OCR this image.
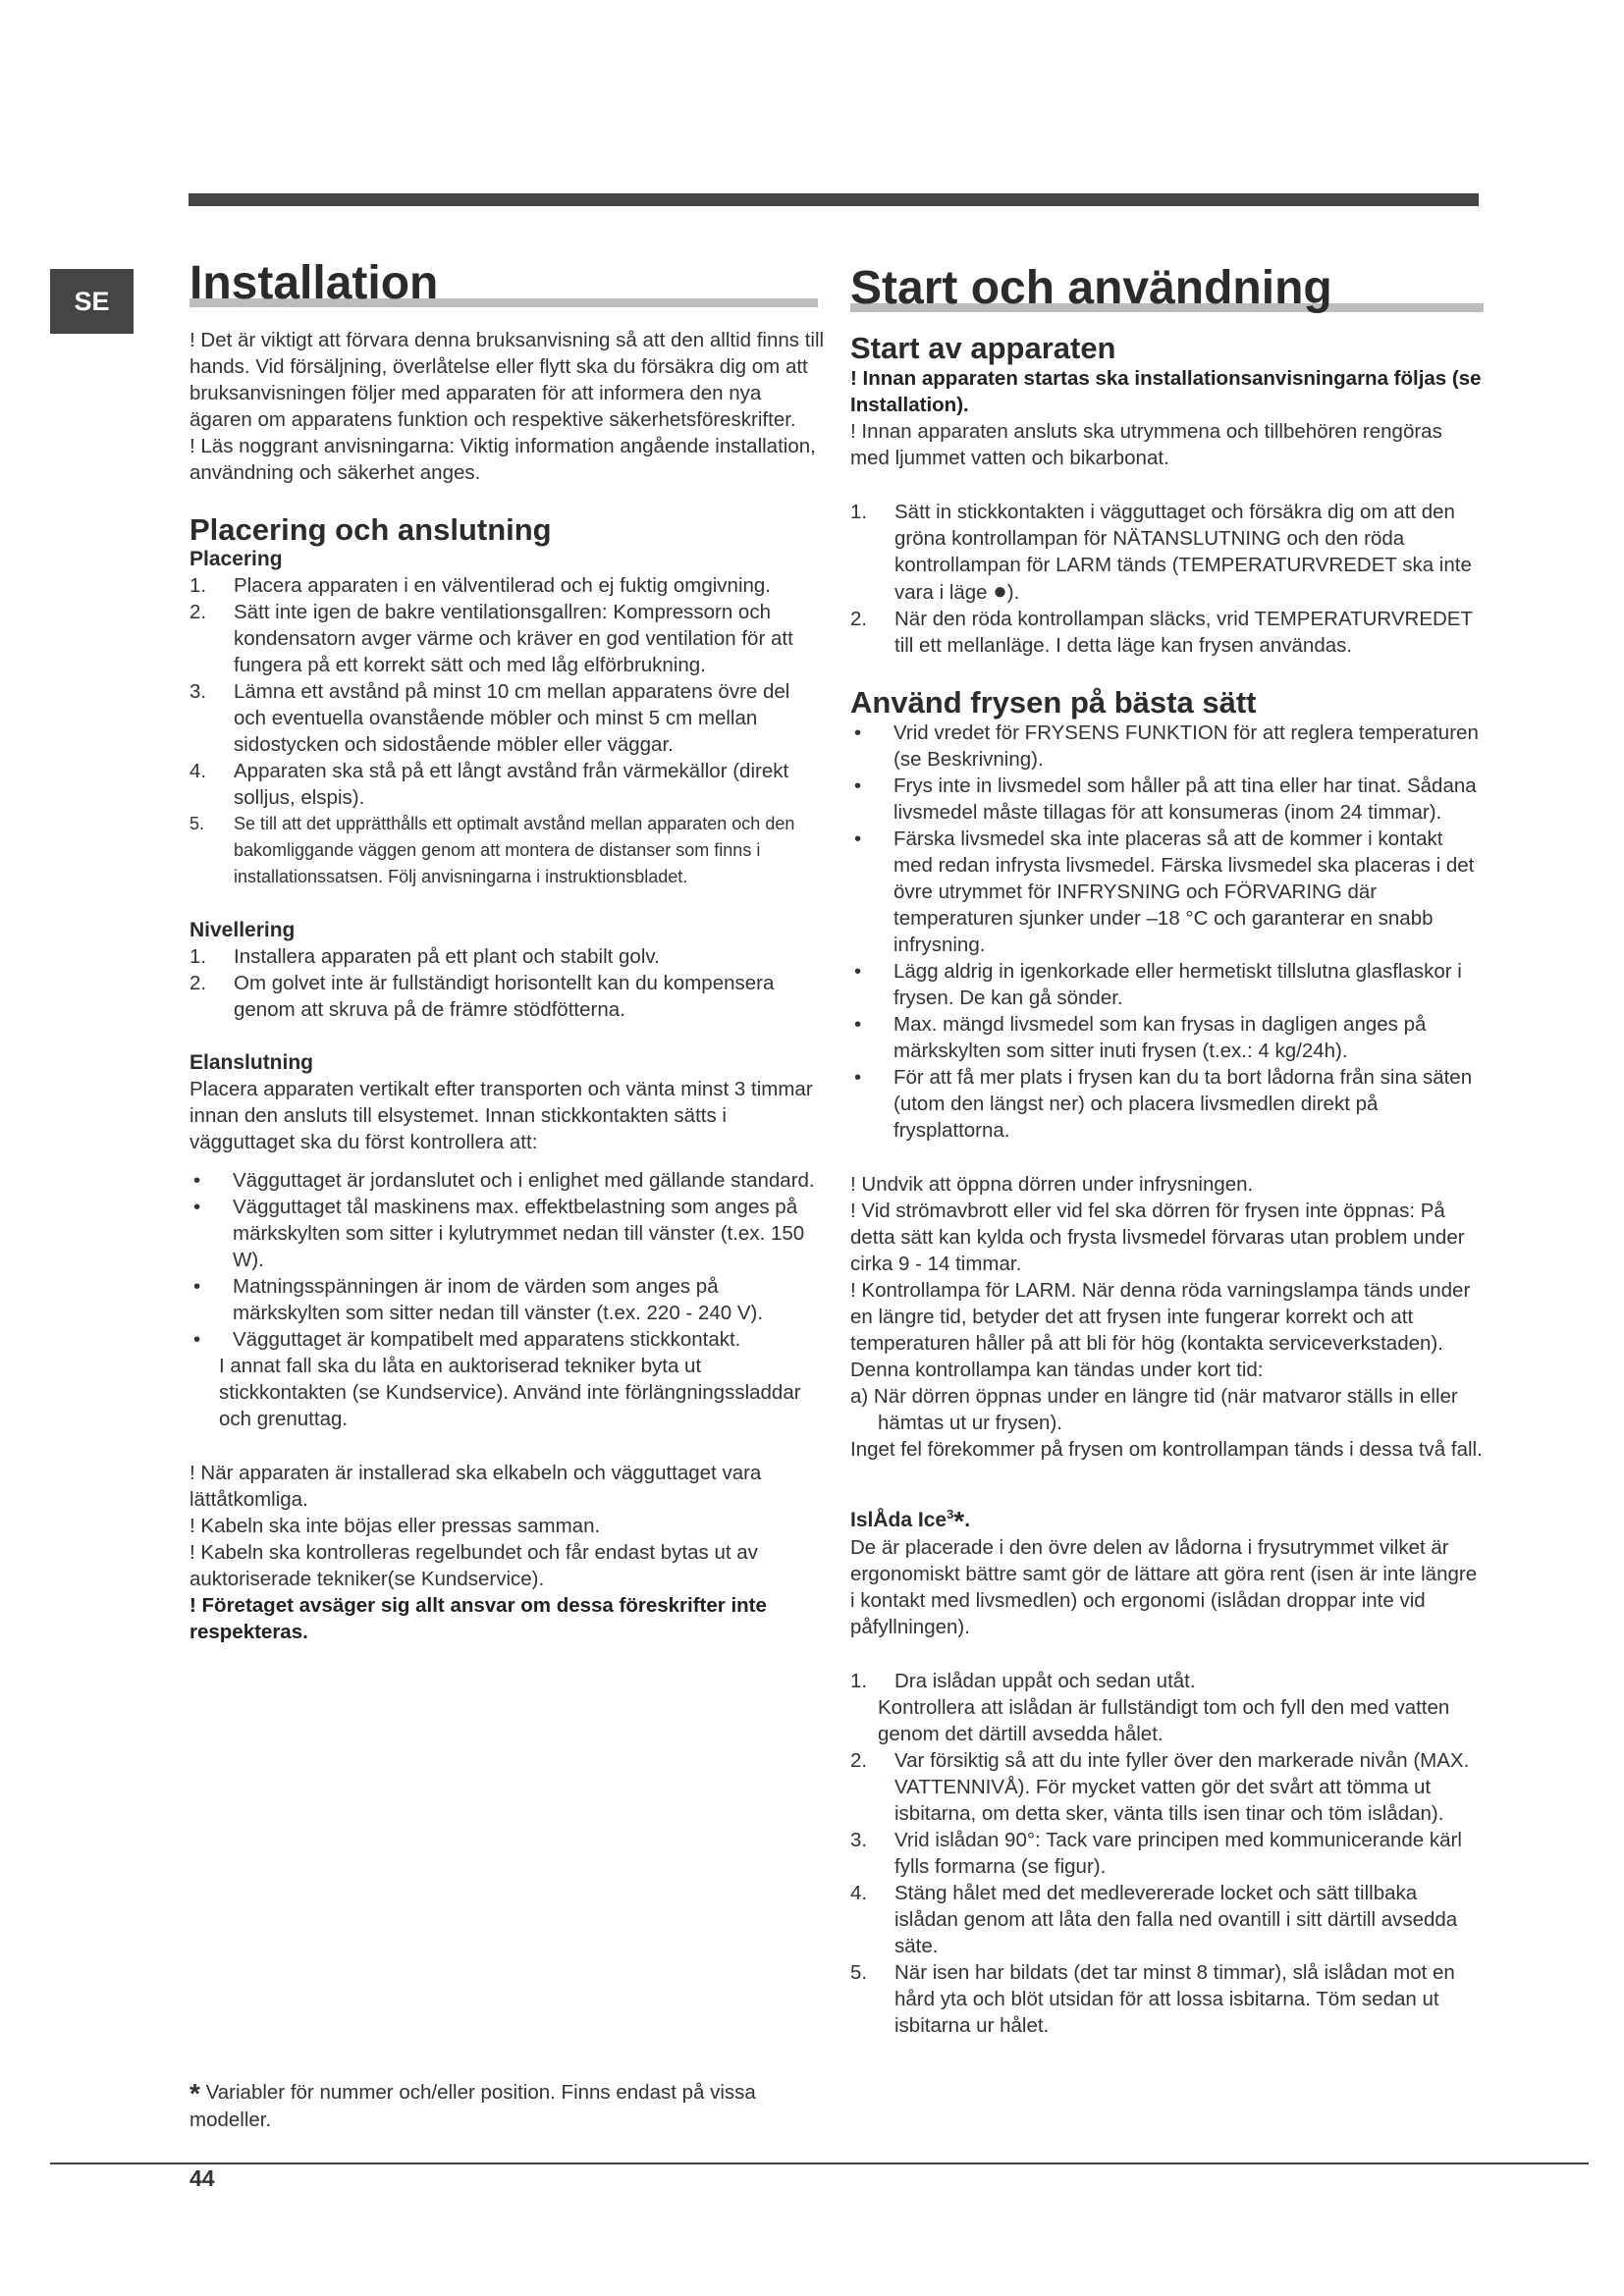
SE	Installation

! Det är viktigt att förvara denna bruksanvisning så att den alltid finns till hands. Vid försäljning, överlåtelse eller flytt ska du försäkra dig om att bruksanvisningen följer med apparaten för att informera den nya ägaren om apparatens funktion och respektive säkerhetsföreskrifter.

! Läs noggrant anvisningarna: Viktig information angående installation, användning och säkerhet anges.

Placering och anslutning
Placering
1. Placera apparaten i en välventilerad och ej fuktig omgivning.
2. Sätt inte igen de bakre ventilationsgallren: Kompressorn och kondensatorn avger värme och kräver en god ventilation för att fungera på ett korrekt sätt och med låg elförbrukning.
3. Lämna ett avstånd på minst 10 cm mellan apparatens övre del och eventuella ovanstående möbler och minst 5 cm mellan sidostycken och sidostående möbler eller väggar.
4. Apparaten ska stå på ett långt avstånd från värmekällor (direkt solljus, elspis).
5. Se till att det upprätthålls ett optimalt avstånd mellan apparaten och den bakomliggande väggen genom att montera de distanser som finns i installationssatsen. Följ anvisningarna i instruktionsbladet.
Nivellering
1. Installera apparaten på ett plant och stabilt golv.
2. Om golvet inte är fullständigt horisontellt kan du kompensera genom att skruva på de främre stödfötterna.
Elanslutning

Placera apparaten vertikalt efter transporten och vänta minst 3 timmar innan den ansluts till elsystemet. Innan stickkontakten sätts i vägguttaget ska du först kontrollera att:

• Vägguttaget är jordanslutet och i enlighet med gällande standard.
• Vägguttaget tål maskinens max. effektbelastning som anges på märkskylten som sitter i kylutrymmet nedan till vänster (t.ex. 150 W).
• Matningsspänningen är inom de värden som anges på märkskylten som sitter nedan till vänster (t.ex. 220 - 240 V).
• Vägguttaget är kompatibelt med apparatens stickkontakt.

I annat fall ska du låta en auktoriserad tekniker byta ut stickkontakten (se Kundservice). Använd inte förlängningssladdar och grenuttag.

! När apparaten är installerad ska elkabeln och vägguttaget vara lättåtkomliga.

! Kabeln ska inte böjas eller pressas samman.

! Kabeln ska kontrolleras regelbundet och får endast bytas ut av auktoriserade tekniker(se Kundservice).

! Företaget avsäger sig allt ansvar om dessa föreskrifter inte respekteras.

* Variabler för nummer och/eller position. Finns endast på vissa modeller.
Start och användning
Start av apparaten

! Innan apparaten startas ska installationsanvisningarna följas (se Installation).

! Innan apparaten ansluts ska utrymmena och tillbehören rengöras med ljummet vatten och bikarbonat.

1. Sätt in stickkontakten i vägguttaget och försäkra dig om att den gröna kontrollampan för NÄTANSLUTNING och den röda kontrollampan för LARM tänds (TEMPERATURVREDET ska inte vara i läge ●).
2. När den röda kontrollampan släcks, vrid TEMPERATURVREDET till ett mellanläge. I detta läge kan frysen användas.
Använd frysen på bästa sätt
• Vrid vredet för FRYSENS FUNKTION för att reglera temperaturen (se Beskrivning).
• Frys inte in livsmedel som håller på att tina eller har tinat. Sådana livsmedel måste tillagas för att konsumeras (inom 24 timmar).
• Färska livsmedel ska inte placeras så att de kommer i kontakt med redan infrysta livsmedel. Färska livsmedel ska placeras i det övre utrymmet för INFRYSNING och FÖRVARING där temperaturen sjunker under –18 °C och garanterar en snabb infrysning.
• Lägg aldrig in igenkorkade eller hermetiskt tillslutna glasflaskor i frysen. De kan gå sönder.
• Max. mängd livsmedel som kan frysas in dagligen anges på märkskylten som sitter inuti frysen (t.ex.: 4 kg/24h).
• För att få mer plats i frysen kan du ta bort lådorna från sina säten (utom den längst ner) och placera livsmedlen direkt på frysplattorna.

! Undvik att öppna dörren under infrysningen.

! Vid strömavbrott eller vid fel ska dörren för frysen inte öppnas: På detta sätt kan kylda och frysta livsmedel förvaras utan problem under cirka 9 - 14 timmar.

! Kontrollampa för LARM. När denna röda varningslampa tänds under en längre tid, betyder det att frysen inte fungerar korrekt och att temperaturen håller på att bli för hög (kontakta serviceverkstaden).

Denna kontrollampa kan tändas under kort tid:

a) När dörren öppnas under en längre tid (när matvaror ställs in eller hämtas ut ur frysen).

Inget fel förekommer på frysen om kontrollampan tänds i dessa två fall.

IslÅda Ice$^3$*.

De är placerade i den övre delen av lådorna i frysutrymmet vilket är ergonomiskt bättre samt gör de lättare att göra rent (isen är inte längre i kontakt med livsmedlen) och ergonomi (islådan droppar inte vid påfyllningen).

1. Dra islådan uppåt och sedan utåt.

Kontrollera att islådan är fullständigt tom och fyll den med vatten genom det därtill avsedda hålet.

2. Var försiktig så att du inte fyller över den markerade nivån (MAX. VATTENNIVÅ). För mycket vatten gör det svårt att tömma ut isbitarna, om detta sker, vänta tills isen tinar och töm islådan).
3. Vrid islådan 90°: Tack vare principen med kommunicerande kärl fylls formarna (se figur).
4. Stäng hålet med det medlevererade locket och sätt tillbaka islådan genom att låta den falla ned ovantill i sitt därtill avsedda säte.
5. När isen har bildats (det tar minst 8 timmar), slå islådan mot en hård yta och blöt utsidan för att lossa isbitarna. Töm sedan ut isbitarna ur hålet.
44
